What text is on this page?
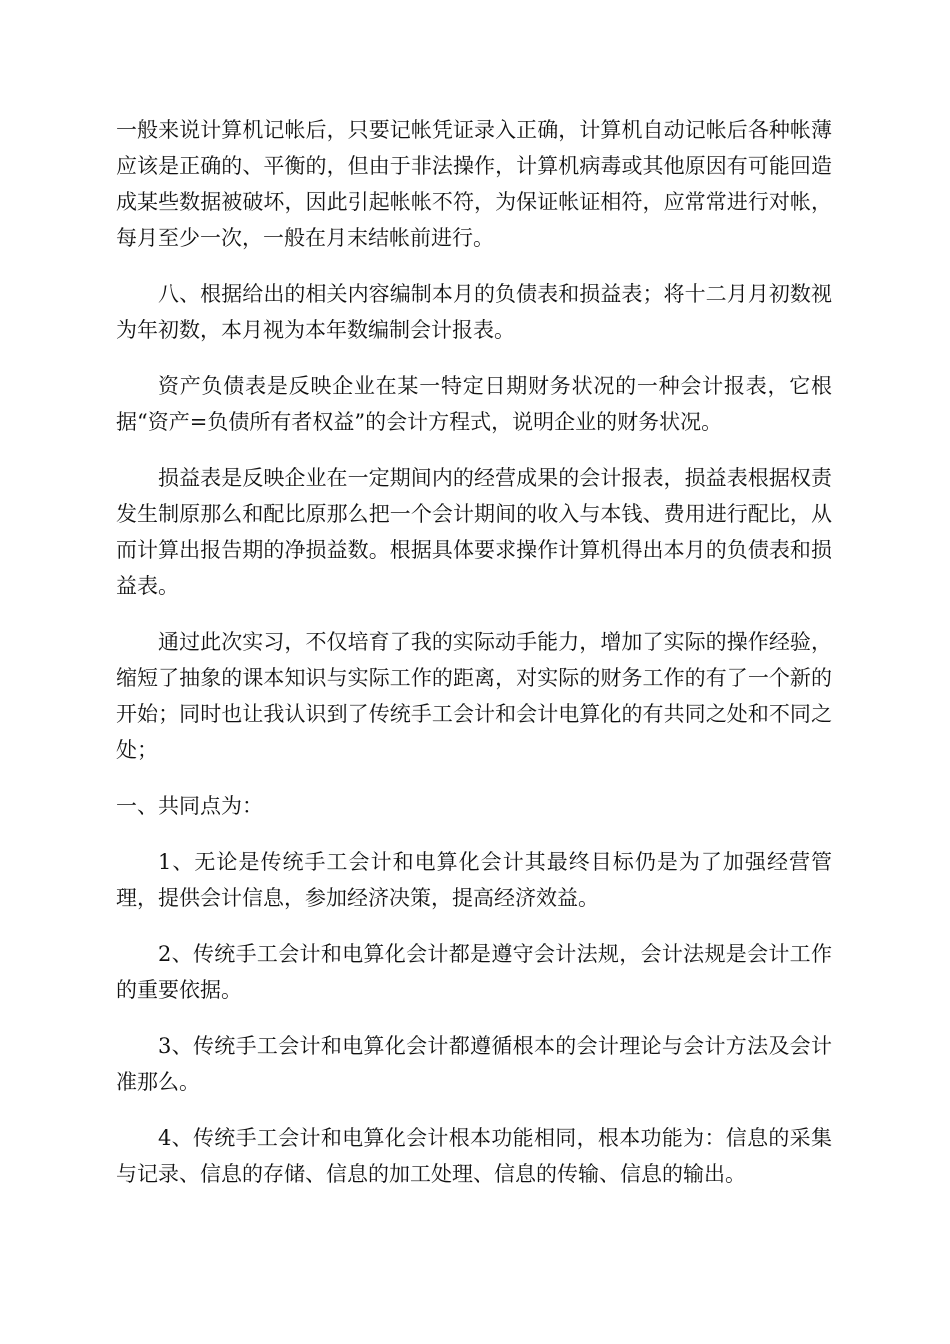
一般来说计算机记帐后，只要记帐凭证录入正确，计算机自动记帐后各种帐薄应该是正确的、平衡的，但由于非法操作，计算机病毒或其他原因有可能回造成某些数据被破坏，因此引起帐帐不符，为保证帐证相符，应常常进行对帐，每月至少一次，一般在月末结帐前进行。

八、根据给出的相关内容编制本月的负债表和损益表；将十二月月初数视为年初数，本月视为本年数编制会计报表。

资产负债表是反映企业在某一特定日期财务状况的一种会计报表，它根据“资产=负债所有者权益”的会计方程式，说明企业的财务状况。

损益表是反映企业在一定期间内的经营成果的会计报表，损益表根据权责发生制原那么和配比原那么把一个会计期间的收入与本钱、费用进行配比，从而计算出报告期的净损益数。根据具体要求操作计算机得出本月的负债表和损益表。

通过此次实习，不仅培育了我的实际动手能力，增加了实际的操作经验，缩短了抽象的课本知识与实际工作的距离，对实际的财务工作的有了一个新的开始；同时也让我认识到了传统手工会计和会计电算化的有共同之处和不同之处；

一、共同点为：

1、无论是传统手工会计和电算化会计其最终目标仍是为了加强经营管理，提供会计信息，参加经济决策，提高经济效益。

2、传统手工会计和电算化会计都是遵守会计法规，会计法规是会计工作的重要依据。

3、传统手工会计和电算化会计都遵循根本的会计理论与会计方法及会计准那么。

4、传统手工会计和电算化会计根本功能相同，根本功能为：信息的采集与记录、信息的存储、信息的加工处理、信息的传输、信息的输出。
